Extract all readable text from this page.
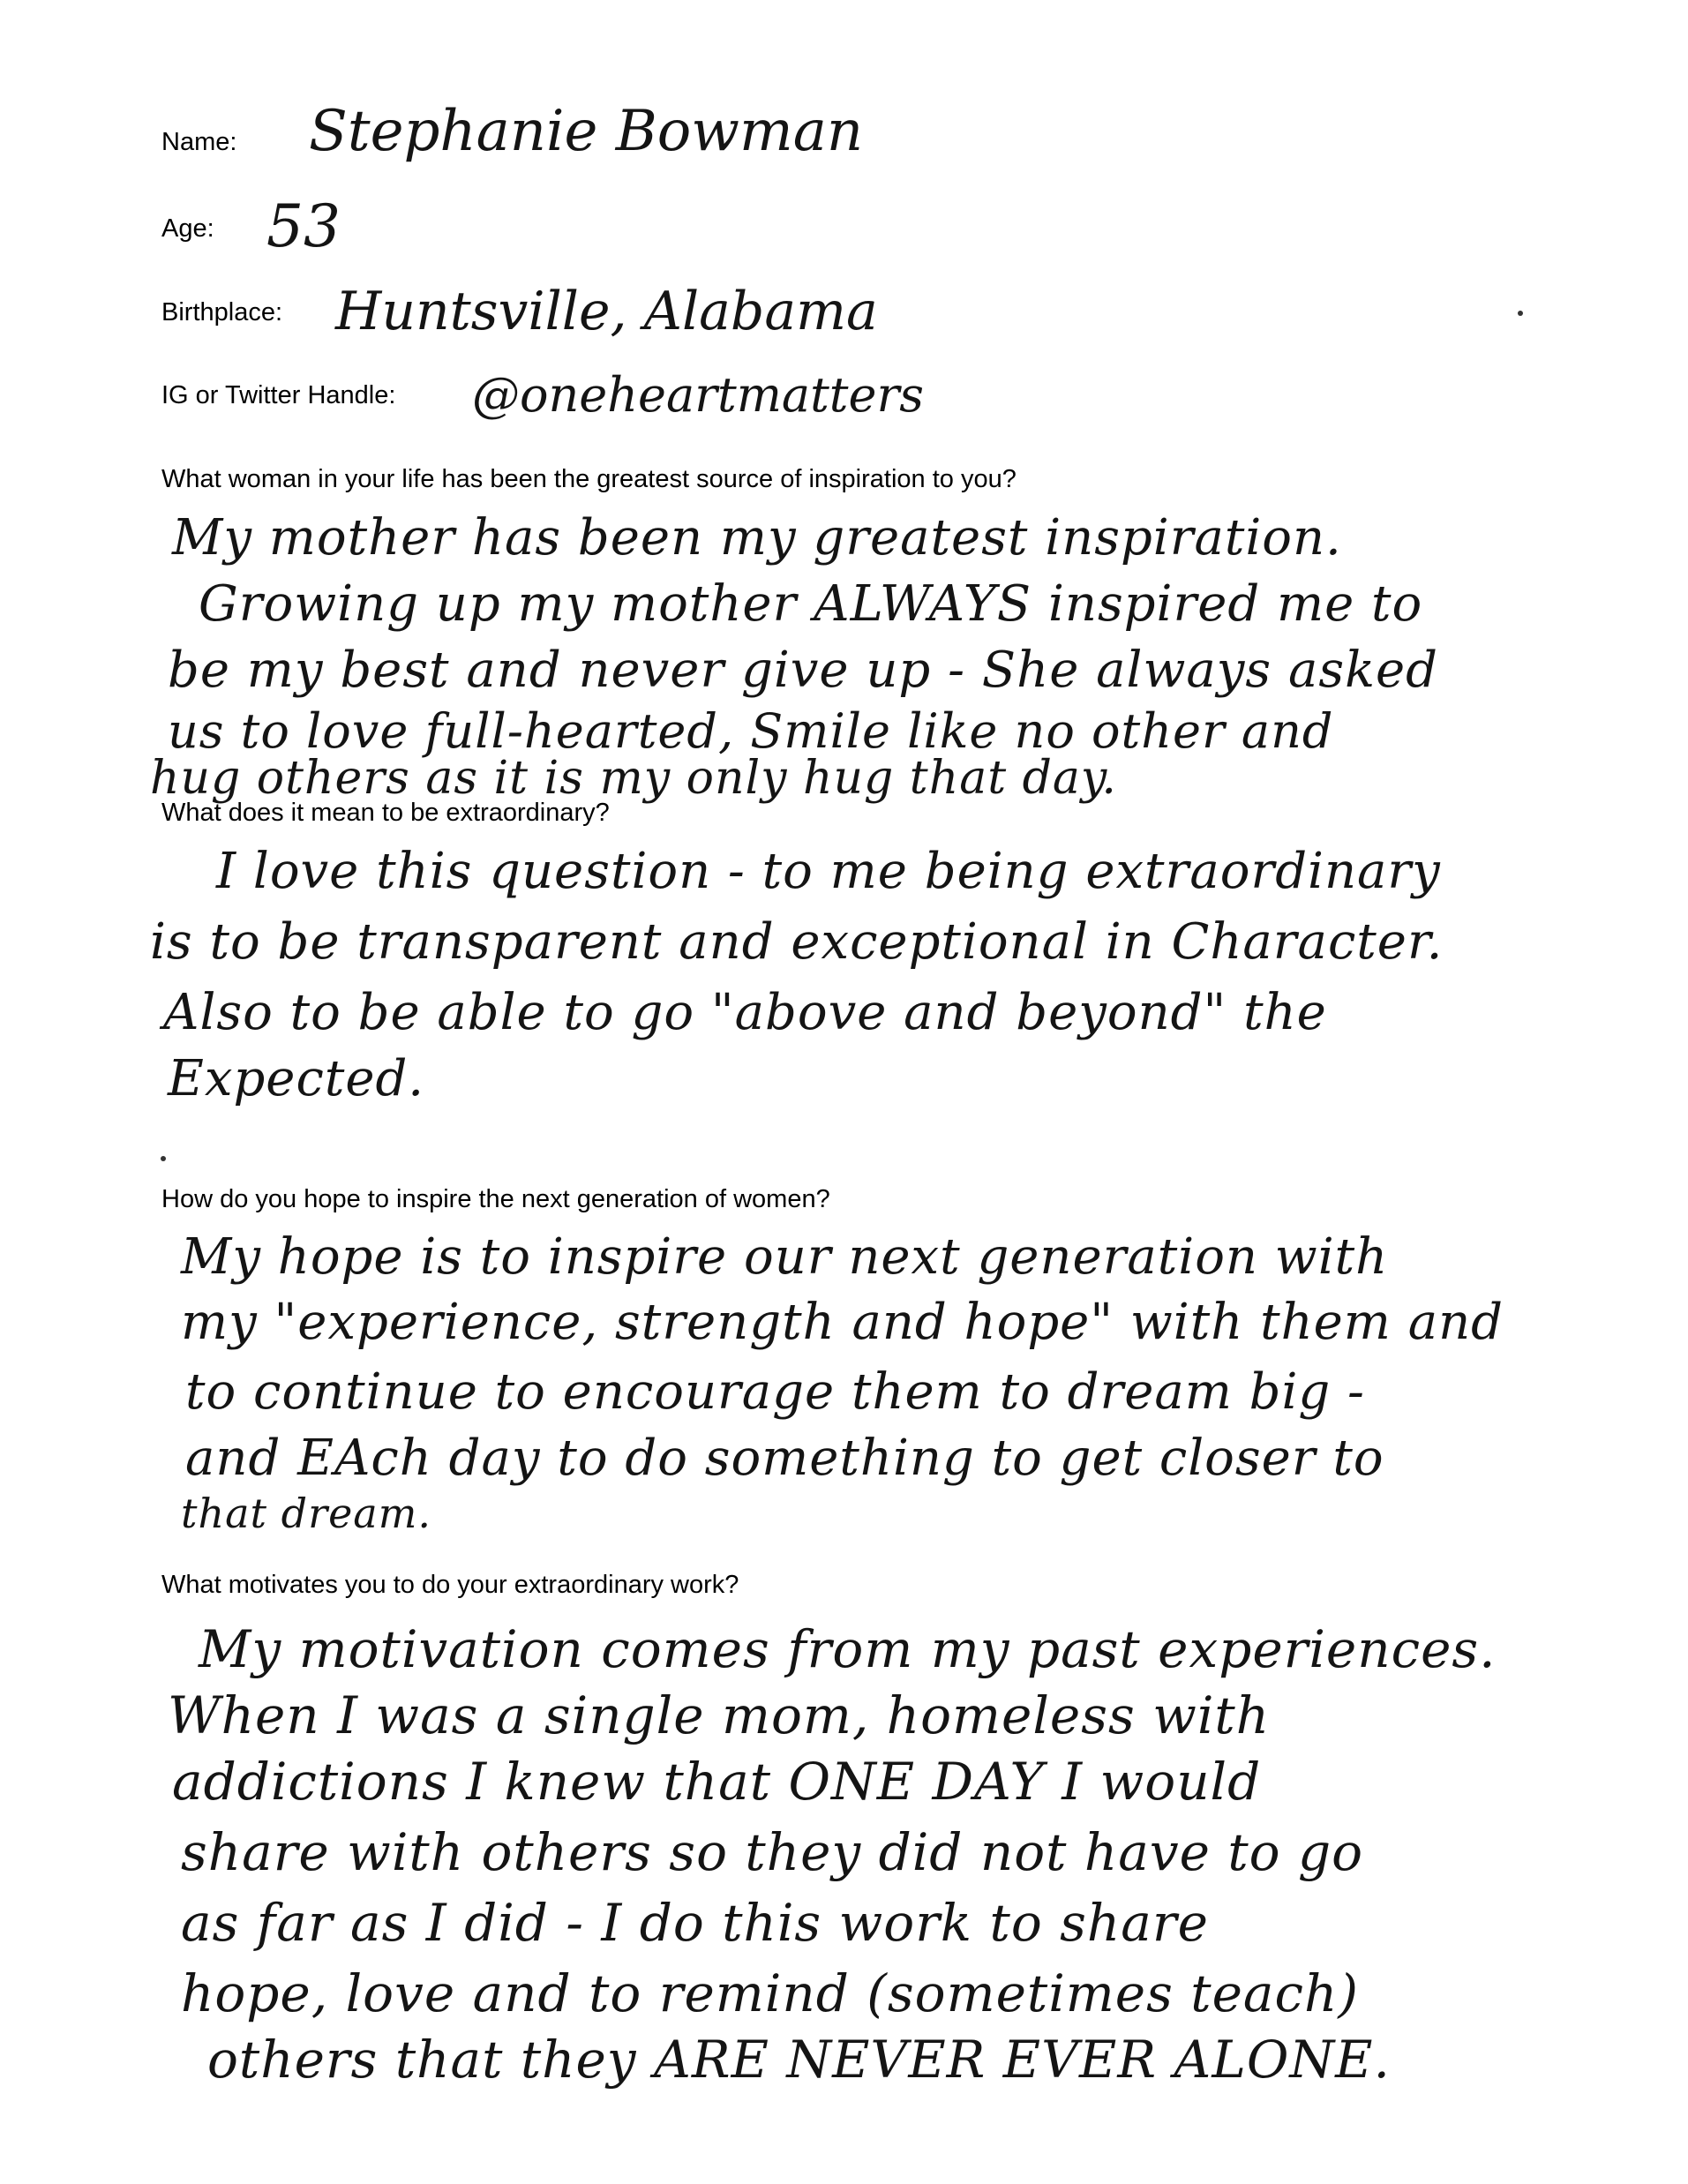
Name: Stephanie Bowman
Age: 53
Birthplace: Huntsville, Alabama
IG or Twitter Handle: @oneheartmatters
What woman in your life has been the greatest source of inspiration to you?
My mother has been my greatest inspiration.
Growing up my mother ALWAYS inspired me to
be my best and never give up - She always asked
us to love full-hearted, Smile like no other and
hug others as it is my only hug that day.
What does it mean to be extraordinary?
I love this question - to me being extraordinary
is to be transparent and exceptional in Character.
Also to be able to go "above and beyond" the
Expected.
How do you hope to inspire the next generation of women?
My hope is to inspire our next generation with
my "experience, strength and hope" with them and
to continue to encourage them to dream big -
and EAch day to do something to get closer to
that dream.
What motivates you to do your extraordinary work?
My motivation comes from my past experiences.
When I was a single mom, homeless with
addictions I knew that ONE DAY I would
share with others so they did not have to go
as far as I did - I do this work to share
hope, love and to remind (sometimes teach)
others that they ARE NEVER EVER ALONE.
